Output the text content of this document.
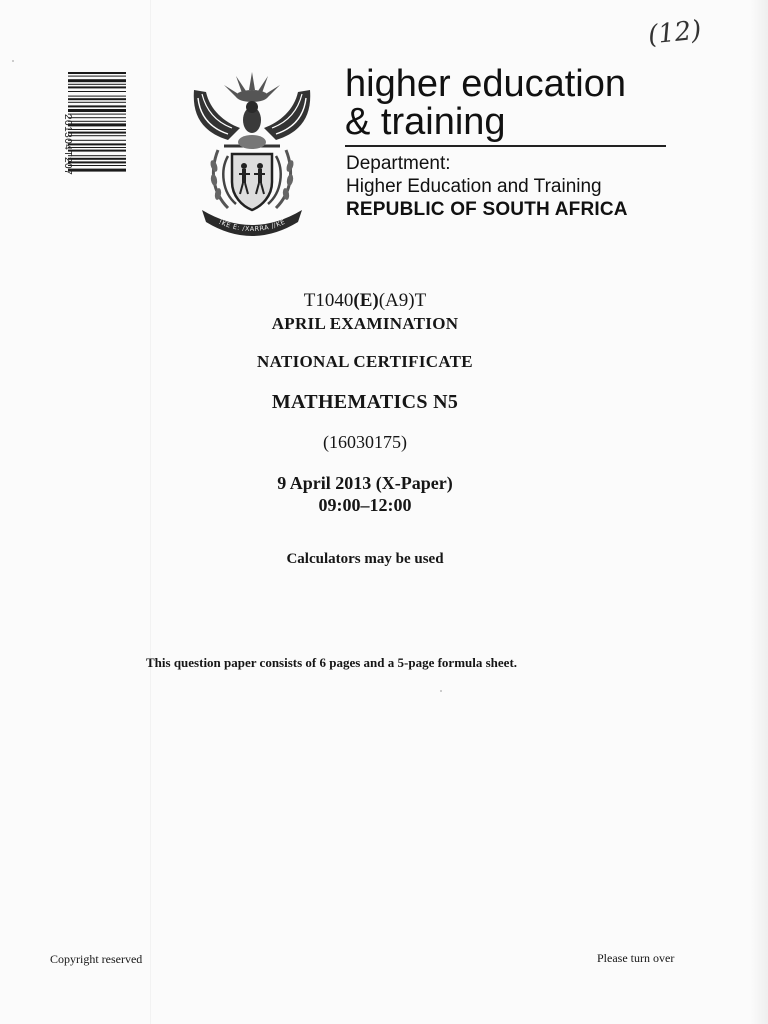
(12)
201304T207
!KE E: /XARRA //KE
higher education
& training
Department:
Higher Education and Training
REPUBLIC OF SOUTH AFRICA
T1040(E)(A9)T
APRIL EXAMINATION
NATIONAL CERTIFICATE
MATHEMATICS N5
(16030175)
9 April 2013 (X-Paper)
09:00–12:00
Calculators may be used
This question paper consists of 6 pages and a 5-page formula sheet.
Copyright reserved	Please turn over
